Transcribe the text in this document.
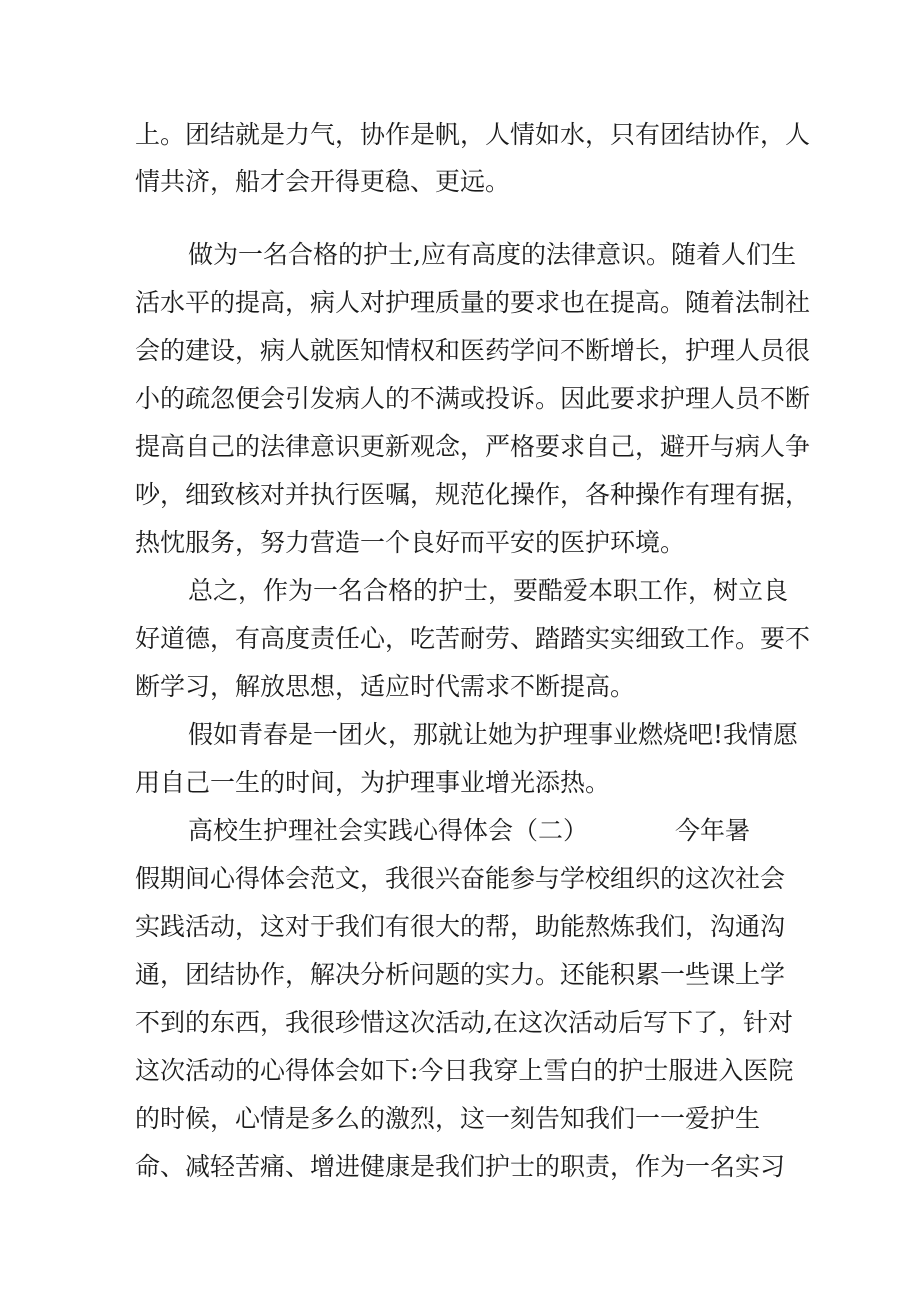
上。团结就是力气，协作是帆，人情如水，只有团结协作，人
情共济，船才会开得更稳、更远。
做为一名合格的护士,应有高度的法律意识。随着人们生
活水平的提高，病人对护理质量的要求也在提高。随着法制社
会的建设，病人就医知情权和医药学问不断增长，护理人员很
小的疏忽便会引发病人的不满或投诉。因此要求护理人员不断
提高自己的法律意识更新观念，严格要求自己，避开与病人争
吵，细致核对并执行医嘱，规范化操作，各种操作有理有据，
热忱服务，努力营造一个良好而平安的医护环境。
总之，作为一名合格的护士，要酷爱本职工作，树立良
好道德，有高度责任心，吃苦耐劳、踏踏实实细致工作。要不
断学习，解放思想，适应时代需求不断提高。
假如青春是一团火，那就让她为护理事业燃烧吧!我情愿
用自己一生的时间，为护理事业增光添热。
高校生护理社会实践心得体会（二）	今年暑
假期间心得体会范文，我很兴奋能参与学校组织的这次社会
实践活动，这对于我们有很大的帮，助能熬炼我们，沟通沟
通，团结协作，解决分析问题的实力。还能积累一些课上学
不到的东西，我很珍惜这次活动,在这次活动后写下了，针对
这次活动的心得体会如下:今日我穿上雪白的护士服进入医院
的时候，心情是多么的激烈，这一刻告知我们一一爱护生
命、减轻苦痛、增进健康是我们护士的职责，作为一名实习
